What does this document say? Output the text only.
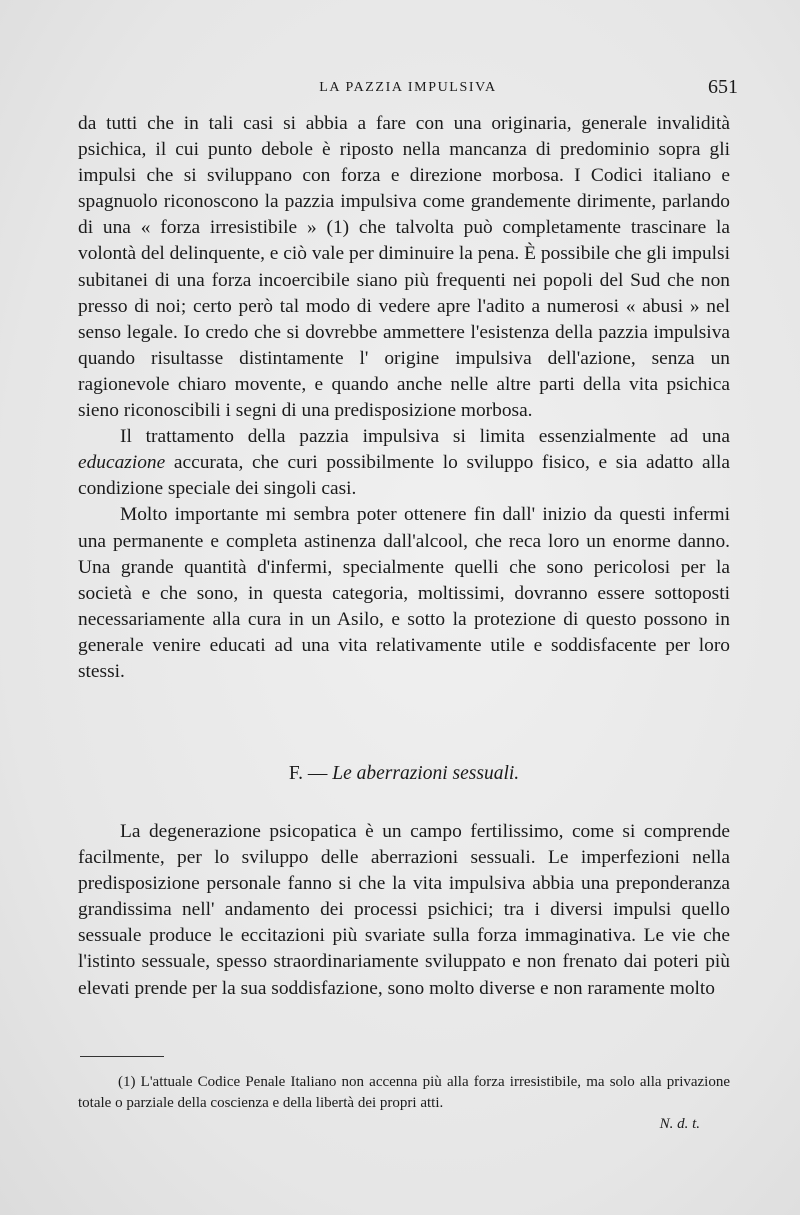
LA PAZZIA IMPULSIVA	651

da tutti che in tali casi si abbia a fare con una originaria, generale invalidità psichica, il cui punto debole è riposto nella mancanza di predominio sopra gli impulsi che si sviluppano con forza e direzione morbosa. I Codici italiano e spagnuolo riconoscono la pazzia impulsiva come grandemente dirimente, parlando di una « forza irresistibile » (1) che talvolta può completamente trascinare la volontà del delinquente, e ciò vale per diminuire la pena. È possibile che gli impulsi subitanei di una forza incoercibile siano più frequenti nei popoli del Sud che non presso di noi; certo però tal modo di vedere apre l'adito a numerosi « abusi » nel senso legale. Io credo che si dovrebbe ammettere l'esistenza della pazzia impulsiva quando risultasse distintamente l' origine impulsiva dell'azione, senza un ragionevole chiaro movente, e quando anche nelle altre parti della vita psichica sieno riconoscibili i segni di una predisposizione morbosa.

Il trattamento della pazzia impulsiva si limita essenzialmente ad una educazione accurata, che curi possibilmente lo sviluppo fisico, e sia adatto alla condizione speciale dei singoli casi.

Molto importante mi sembra poter ottenere fin dall' inizio da questi infermi una permanente e completa astinenza dall'alcool, che reca loro un enorme danno. Una grande quantità d'infermi, specialmente quelli che sono pericolosi per la società e che sono, in questa categoria, moltissimi, dovranno essere sottoposti necessariamente alla cura in un Asilo, e sotto la protezione di questo possono in generale venire educati ad una vita relativamente utile e soddisfacente per loro stessi.

F. — Le aberrazioni sessuali.

La degenerazione psicopatica è un campo fertilissimo, come si comprende facilmente, per lo sviluppo delle aberrazioni sessuali. Le imperfezioni nella predisposizione personale fanno si che la vita impulsiva abbia una preponderanza grandissima nell' andamento dei processi psichici; tra i diversi impulsi quello sessuale produce le eccitazioni più svariate sulla forza immaginativa. Le vie che l'istinto sessuale, spesso straordinariamente sviluppato e non frenato dai poteri più elevati prende per la sua soddisfazione, sono molto diverse e non raramente molto

(1) L'attuale Codice Penale Italiano non accenna più alla forza irresistibile, ma solo alla privazione totale o parziale della coscienza e della libertà dei propri atti.

N. d. t.
